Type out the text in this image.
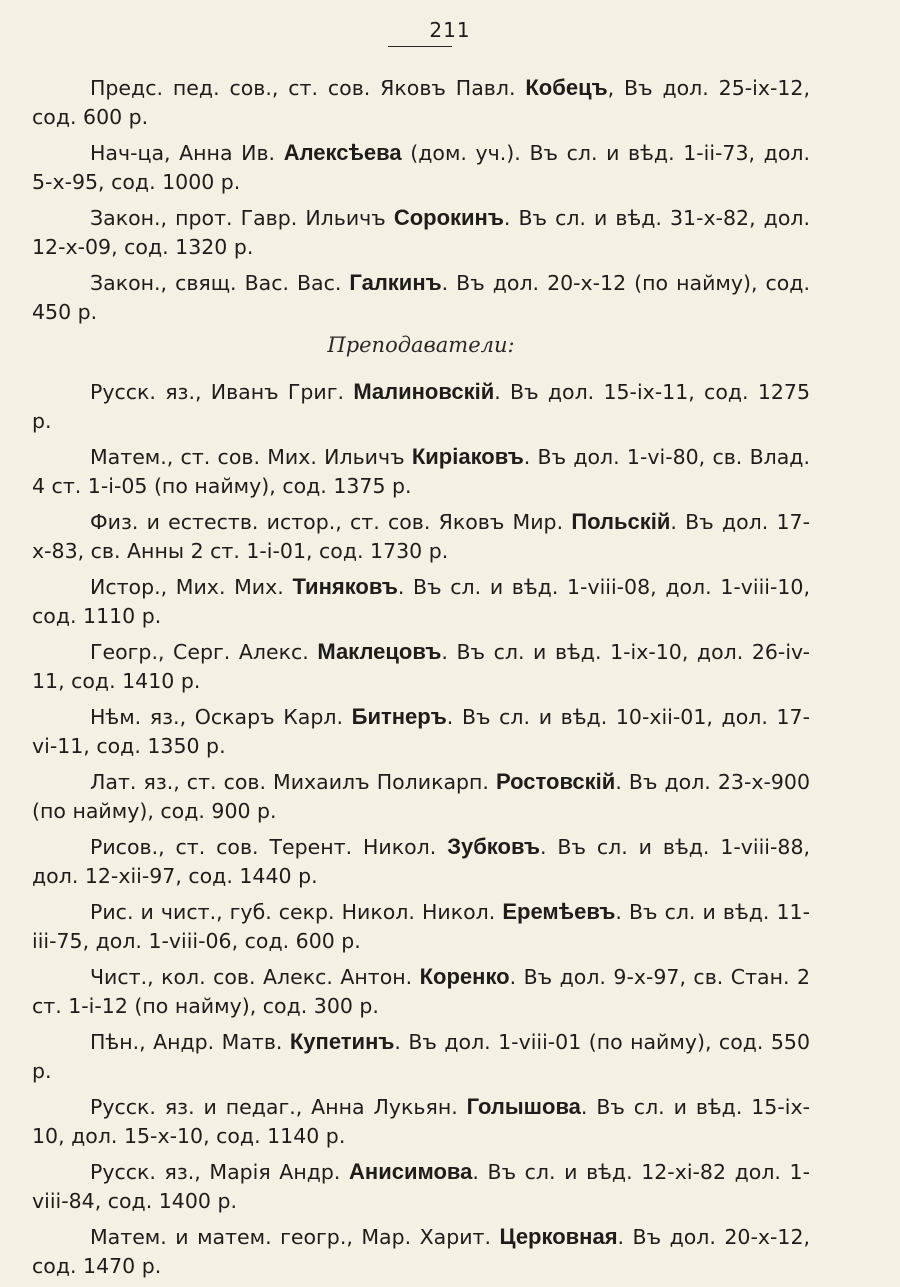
211
Предс. пед. сов., ст. сов. Яковъ Павл. Кобецъ, Въ дол. 25-ix-12, сод. 600 р.
Нач-ца, Анна Ив. Алексѣева (дом. уч.). Въ сл. и вѣд. 1-ii-73, дол. 5-x-95, сод. 1000 р.
Закон., прот. Гавр. Ильичъ Сорокинъ. Въ сл. и вѣд. 31-x-82, дол. 12-x-09, сод. 1320 р.
Закон., свящ. Вас. Вас. Галкинъ. Въ дол. 20-x-12 (по найму), сод. 450 р.
Преподаватели:
Русск. яз., Иванъ Григ. Малиновскій. Въ дол. 15-ix-11, сод. 1275 р.
Матем., ст. сов. Мих. Ильичъ Киріаковъ. Въ дол. 1-vi-80, св. Влад. 4 ст. 1-i-05 (по найму), сод. 1375 р.
Физ. и естеств. истор., ст. сов. Яковъ Мир. Польскій. Въ дол. 17-x-83, св. Анны 2 ст. 1-i-01, сод. 1730 р.
Истор., Мих. Мих. Тиняковъ. Въ сл. и вѣд. 1-viii-08, дол. 1-viii-10, сод. 1110 р.
Геогр., Серг. Алекс. Маклецовъ. Въ сл. и вѣд. 1-ix-10, дол. 26-iv-11, сод. 1410 р.
Нѣм. яз., Оскаръ Карл. Битнеръ. Въ сл. и вѣд. 10-xii-01, дол. 17-vi-11, сод. 1350 р.
Лат. яз., ст. сов. Михаилъ Поликарп. Ростовскій. Въ дол. 23-x-900 (по найму), сод. 900 р.
Рисов., ст. сов. Терент. Никол. Зубковъ. Въ сл. и вѣд. 1-viii-88, дол. 12-xii-97, сод. 1440 р.
Рис. и чист., губ. секр. Никол. Никол. Еремѣевъ. Въ сл. и вѣд. 11-iii-75, дол. 1-viii-06, сод. 600 р.
Чист., кол. сов. Алекс. Антон. Коренко. Въ дол. 9-x-97, св. Стан. 2 ст. 1-i-12 (по найму), сод. 300 р.
Пѣн., Андр. Матв. Купетинъ. Въ дол. 1-viii-01 (по найму), сод. 550 р.
Русск. яз. и педаг., Анна Лукьян. Голышова. Въ сл. и вѣд. 15-ix-10, дол. 15-x-10, сод. 1140 р.
Русск. яз., Марія Андр. Анисимова. Въ сл. и вѣд. 12-xi-82 дол. 1-viii-84, сод. 1400 р.
Матем. и матем. геогр., Мар. Харит. Церковная. Въ дол. 20-x-12, сод. 1470 р.
